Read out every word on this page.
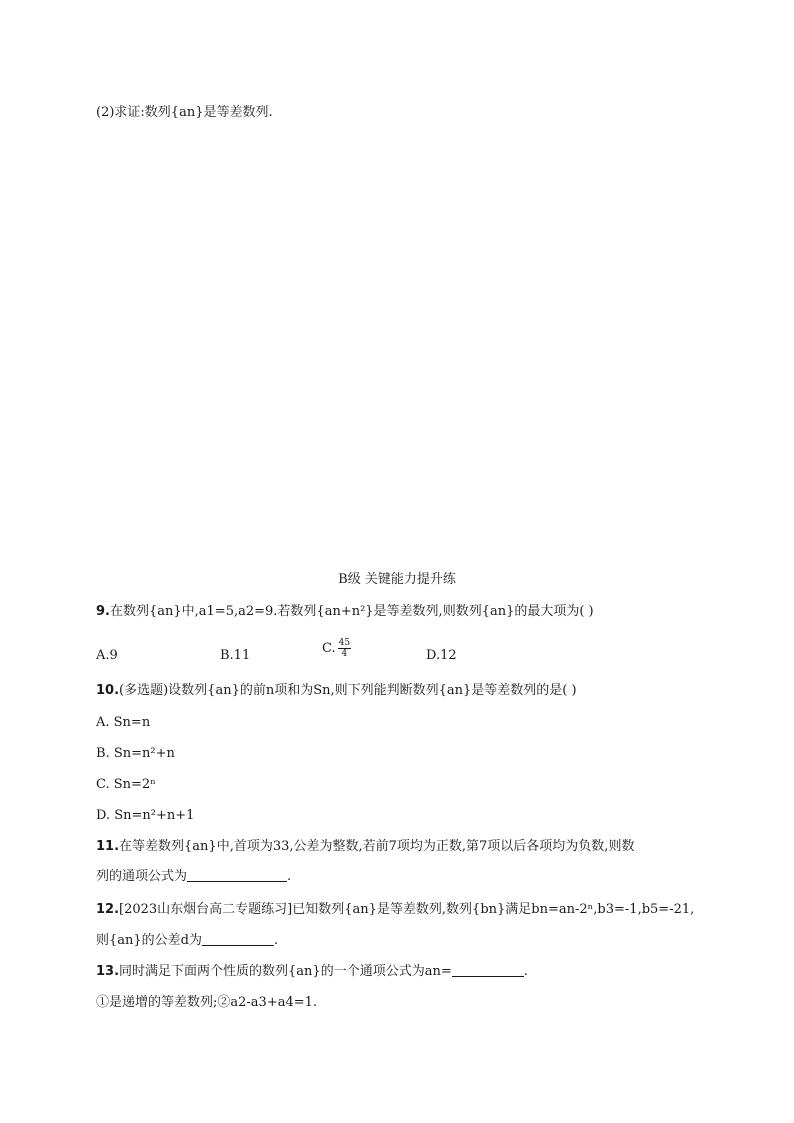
(2)求证:数列{an}是等差数列.
B级 关键能力提升练
9.在数列{an}中,a1=5,a2=9.若数列{an+n²}是等差数列,则数列{an}的最大项为( )
A.9	B.11	C. $\frac{45}{4}$	D.12
10.(多选题)设数列{an}的前n项和为Sn,则下列能判断数列{an}是等差数列的是( )
A. Sn=n
B. Sn=n²+n
C. Sn=2ⁿ
D. Sn=n²+n+1
11.在等差数列{an}中,首项为33,公差为整数,若前7项均为正数,第7项以后各项均为负数,则数
列的通项公式为	.
12.[2023山东烟台高二专题练习]已知数列{an}是等差数列,数列{bn}满足bn=an-2ⁿ,b3=-1,b5=-21,
则{an}的公差d为	.
13.同时满足下面两个性质的数列{an}的一个通项公式为an=	.
①是递增的等差数列;②a2-a3+a4=1.
